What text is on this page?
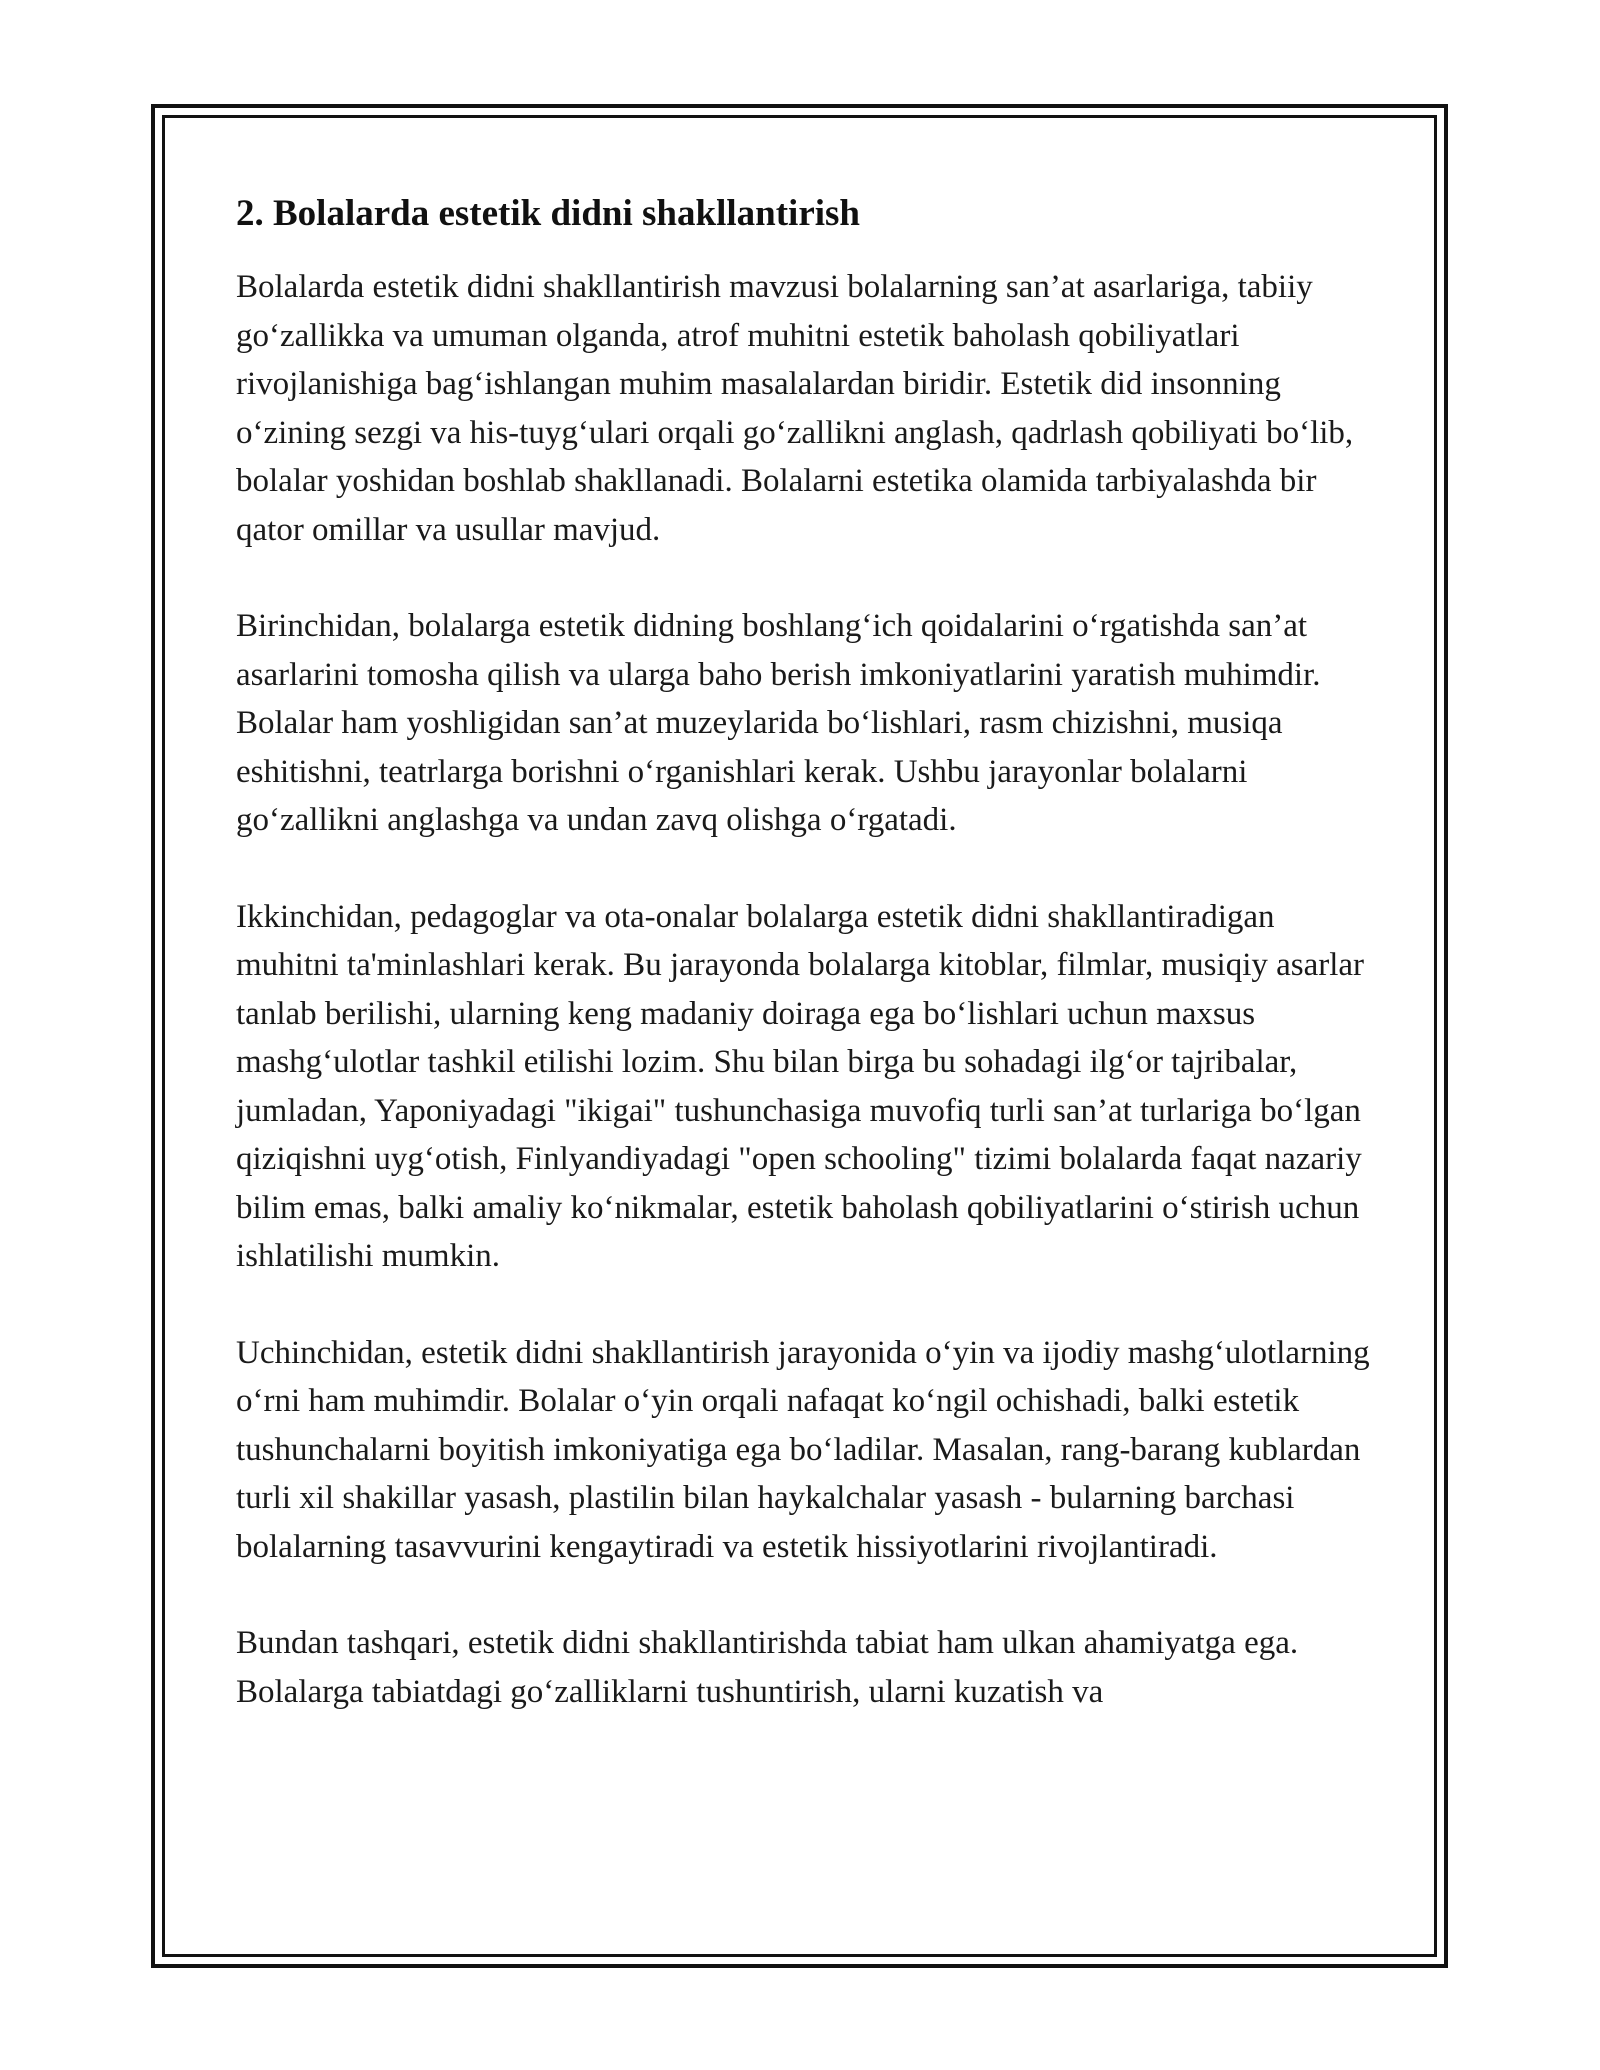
2. Bolalarda estetik didni shakllantirish

Bolalarda estetik didni shakllantirish mavzusi bolalarning san’at asarlariga, tabiiy go‘zallikka va umuman olganda, atrof muhitni estetik baholash qobiliyatlari rivojlanishiga bag‘ishlangan muhim masalalardan biridir. Estetik did insonning o‘zining sezgi va his-tuyg‘ulari orqali go‘zallikni anglash, qadrlash qobiliyati bo‘lib, bolalar yoshidan boshlab shakllanadi. Bolalarni estetika olamida tarbiyalashda bir qator omillar va usullar mavjud.

Birinchidan, bolalarga estetik didning boshlang‘ich qoidalarini o‘rgatishda san’at asarlarini tomosha qilish va ularga baho berish imkoniyatlarini yaratish muhimdir. Bolalar ham yoshligidan san’at muzeylarida bo‘lishlari, rasm chizishni, musiqa eshitishni, teatrlarga borishni o‘rganishlari kerak. Ushbu jarayonlar bolalarni go‘zallikni anglashga va undan zavq olishga o‘rgatadi.

Ikkinchidan, pedagoglar va ota-onalar bolalarga estetik didni shakllantiradigan muhitni ta'minlashlari kerak. Bu jarayonda bolalarga kitoblar, filmlar, musiqiy asarlar tanlab berilishi, ularning keng madaniy doiraga ega bo‘lishlari uchun maxsus mashg‘ulotlar tashkil etilishi lozim. Shu bilan birga bu sohadagi ilg‘or tajribalar, jumladan, Yaponiyadagi "ikigai" tushunchasiga muvofiq turli san’at turlariga bo‘lgan qiziqishni uyg‘otish, Finlyandiyadagi "open schooling" tizimi bolalarda faqat nazariy bilim emas, balki amaliy ko‘nikmalar, estetik baholash qobiliyatlarini o‘stirish uchun ishlatilishi mumkin.

Uchinchidan, estetik didni shakllantirish jarayonida o‘yin va ijodiy mashg‘ulotlarning o‘rni ham muhimdir. Bolalar o‘yin orqali nafaqat ko‘ngil ochishadi, balki estetik tushunchalarni boyitish imkoniyatiga ega bo‘ladilar. Masalan, rang-barang kublardan turli xil shakillar yasash, plastilin bilan haykalchalar yasash - bularning barchasi bolalarning tasavvurini kengaytiradi va estetik hissiyotlarini rivojlantiradi.

Bundan tashqari, estetik didni shakllantirishda tabiat ham ulkan ahamiyatga ega. Bolalarga tabiatdagi go‘zalliklarni tushuntirish, ularni kuzatish va
